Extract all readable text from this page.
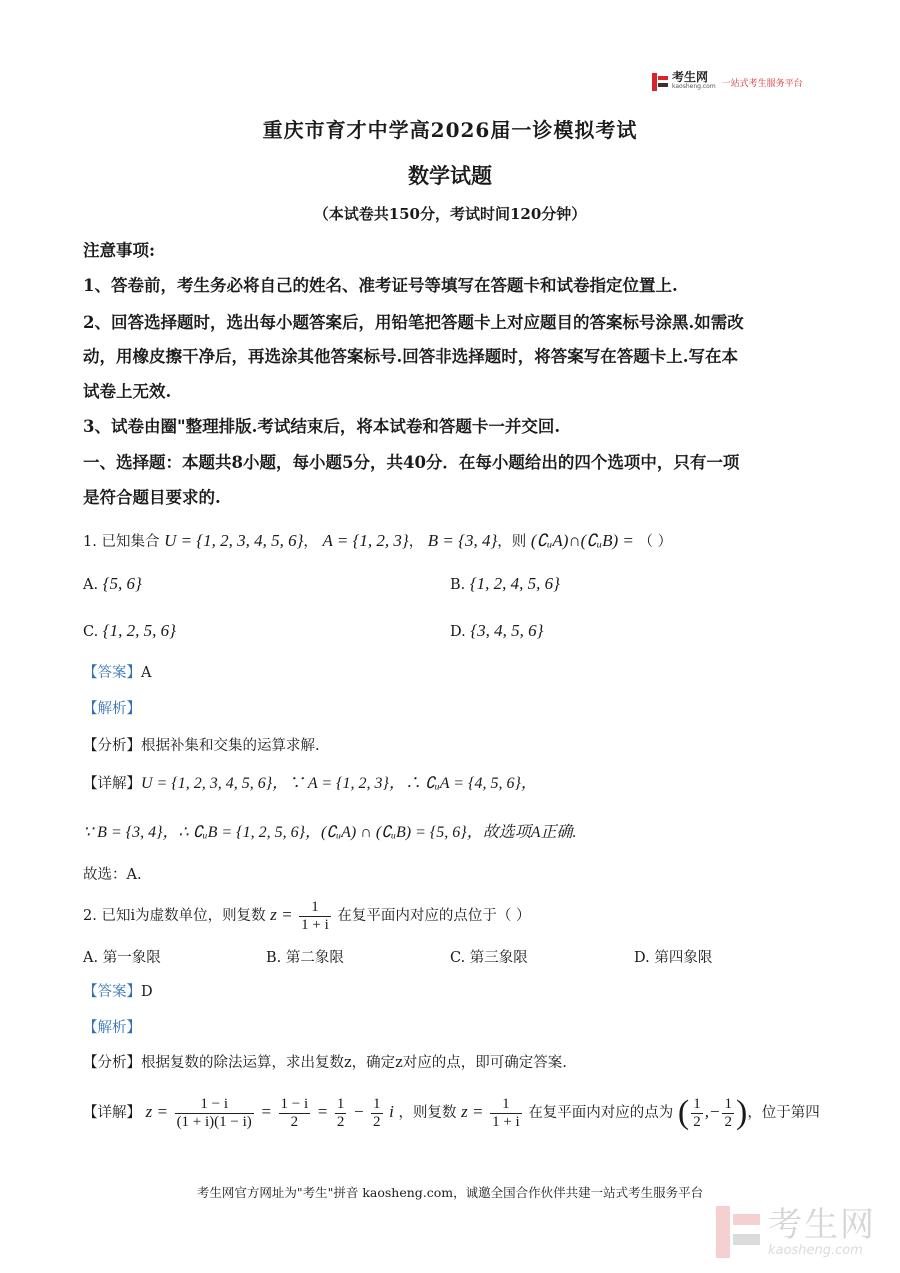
考生网
kaosheng.com 一站式考生服务平台
重庆市育才中学高2026届一诊模拟考试
数学试题
（本试卷共150分，考试时间120分钟）
注意事项:
1、答卷前，考生务必将自己的姓名、准考证号等填写在答题卡和试卷指定位置上.
2、回答选择题时，选出每小题答案后，用铅笔把答题卡上对应题目的答案标号涂黑.如需改
动，用橡皮擦干净后，再选涂其他答案标号.回答非选择题时，将答案写在答题卡上.写在本
试卷上无效.
3、试卷由圈"整理排版.考试结束后，将本试卷和答题卡一并交回.
一、选择题：本题共8小题，每小题5分，共40分．在每小题给出的四个选项中，只有一项
是符合题目要求的.
1. 已知集合 U = {1, 2, 3, 4, 5, 6}， A = {1, 2, 3}， B = {3, 4}，则 (∁ᵤA)∩(∁ᵤB) = （ ）
A. {5, 6}	B. {1, 2, 4, 5, 6}
C. {1, 2, 5, 6}	D. {3, 4, 5, 6}
【答案】A
【解析】
【分析】根据补集和交集的运算求解.
【详解】U = {1, 2, 3, 4, 5, 6}，∵ A = {1, 2, 3}，∴ ∁ᵤA = {4, 5, 6}，
∵ B = {3, 4}，∴ ∁ᵤB = {1, 2, 5, 6}，(∁ᵤA) ∩ (∁ᵤB) = {5, 6}，故选项A正确.
故选：A.
2. 已知i为虚数单位，则复数 $z = \frac{1}{1 + i}$ 在复平面内对应的点位于（ ）
A. 第一象限	B. 第二象限	C. 第三象限	D. 第四象限
【答案】D
【解析】
【分析】根据复数的除法运算，求出复数z，确定z对应的点，即可确定答案.
【详解】 $z = \frac{1 - i}{(1 + i)(1 - i)} = \frac{1 - i}{2} = \frac{1}{2} - \frac{1}{2}$ i ，则复数 $z = \frac{1}{1 + i}$ 在复平面内对应的点为 ( $\frac{1}{2}$ ,− $\frac{1}{2}$ )，位于第四
考生网官方网址为"考生"拼音 kaosheng.com，诚邀全国合作伙伴共建一站式考生服务平台
考生网
kaosheng.com
